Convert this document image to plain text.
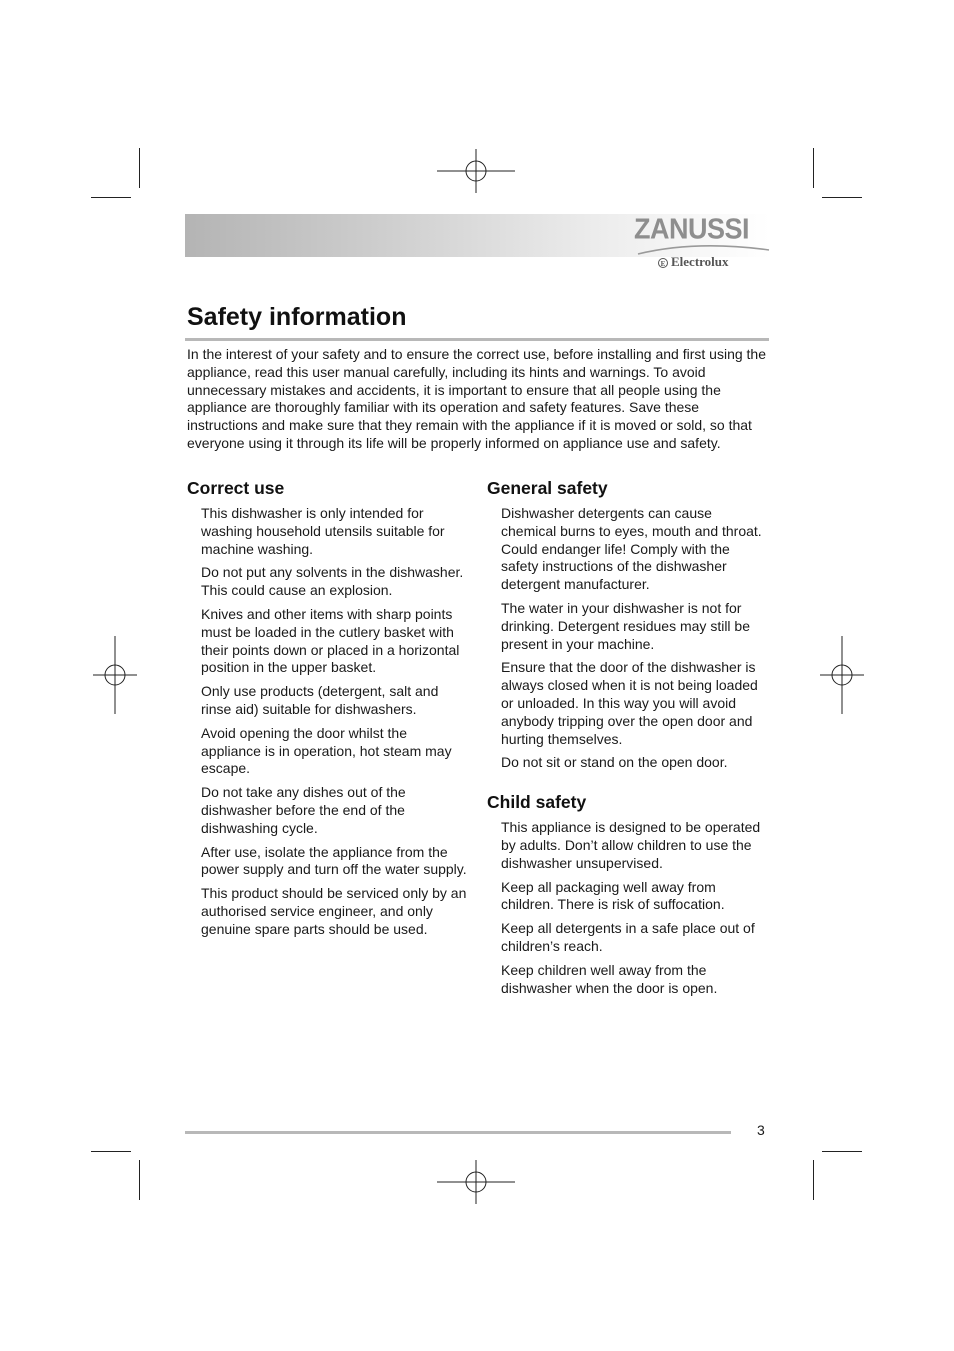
ZANUSSI
E Electrolux
Safety information

In the interest of your safety and to ensure the correct use, before installing and first using the appliance, read this user manual carefully, including its hints and warnings. To avoid unnecessary mistakes and accidents, it is important to ensure that all people using the appliance are thoroughly familiar with its operation and safety features. Save these instructions and make sure that they remain with the appliance if it is moved or sold, so that everyone using it through its life will be properly informed on appliance use and safety.

Correct use

This dishwasher is only intended for washing household utensils suitable for machine washing.

Do not put any solvents in the dishwasher. This could cause an explosion.

Knives and other items with sharp points must be loaded in the cutlery basket with their points down or placed in a horizontal position in the upper basket.

Only use products (detergent, salt and rinse aid) suitable for dishwashers.

Avoid opening the door whilst the appliance is in operation, hot steam may escape.

Do not take any dishes out of the dishwasher before the end of the dishwashing cycle.

After use, isolate the appliance from the power supply and turn off the water supply.

This product should be serviced only by an authorised service engineer, and only genuine spare parts should be used.

General safety

Dishwasher detergents can cause chemical burns to eyes, mouth and throat. Could endanger life! Comply with the safety instructions of the dishwasher detergent manufacturer.

The water in your dishwasher is not for drinking. Detergent residues may still be present in your machine.

Ensure that the door of the dishwasher is always closed when it is not being loaded or unloaded. In this way you will avoid anybody tripping over the open door and hurting themselves.

Do not sit or stand on the open door.

Child safety

This appliance is designed to be operated by adults. Don’t allow children to use the dishwasher unsupervised.

Keep all packaging well away from children. There is risk of suffocation.

Keep all detergents in a safe place out of children’s reach.

Keep children well away from the dishwasher when the door is open.

3
